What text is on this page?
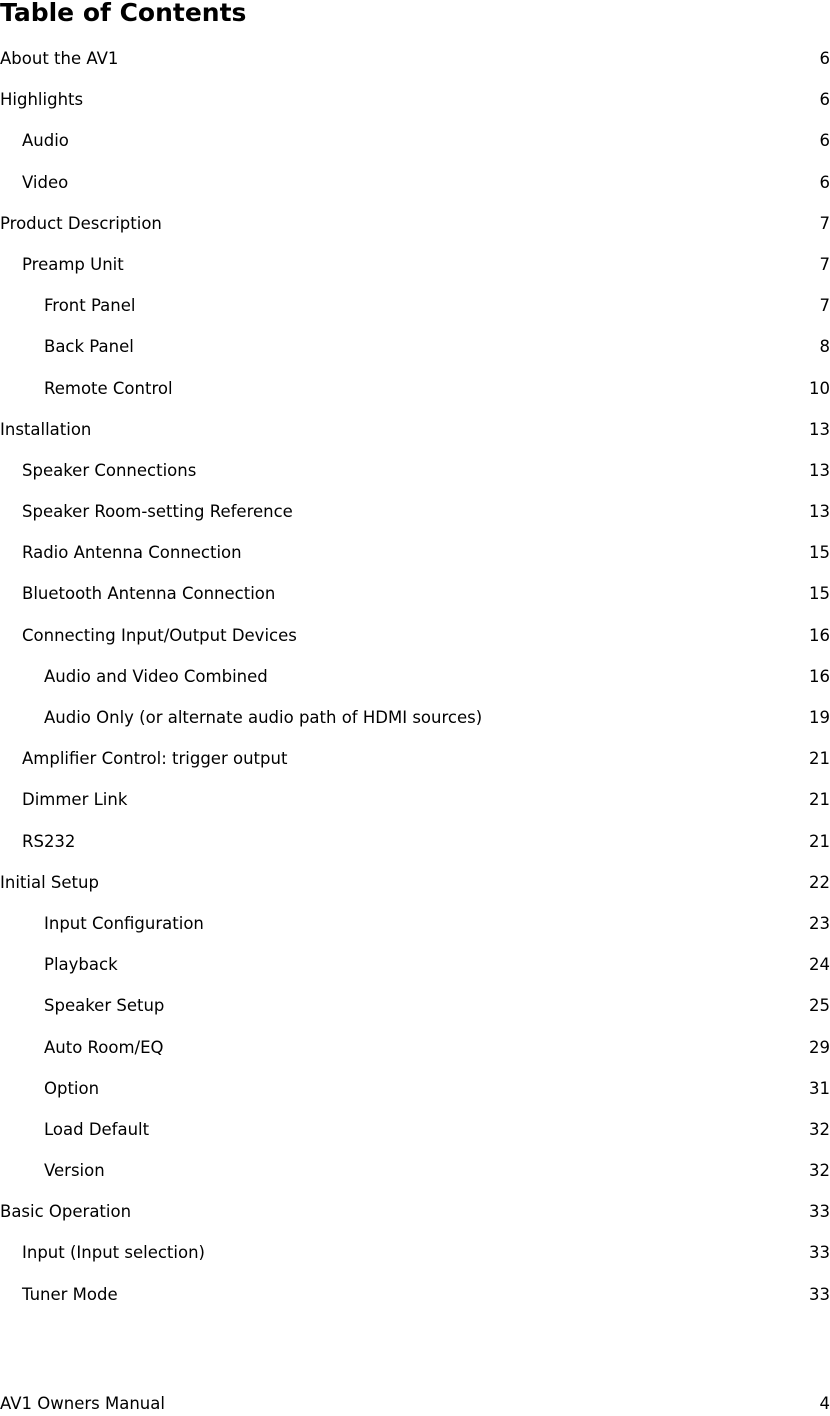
Table of Contents
About the AV1	6
Highlights	6
Audio	6
Video	6
Product Description	7
Preamp Unit	7
Front Panel	7
Back Panel	8
Remote Control	10
Installation	13
Speaker Connections	13
Speaker Room-setting Reference	13
Radio Antenna Connection	15
Bluetooth Antenna Connection	15
Connecting Input/Output Devices	16
Audio and Video Combined	16
Audio Only (or alternate audio path of HDMI sources)	19
Amplifier Control: trigger output	21
Dimmer Link	21
RS232	21
Initial Setup	22
Input Configuration	23
Playback	24
Speaker Setup	25
Auto Room/EQ	29
Option	31
Load Default	32
Version	32
Basic Operation	33
Input (Input selection)	33
Tuner Mode	33
AV1 Owners Manual	4
